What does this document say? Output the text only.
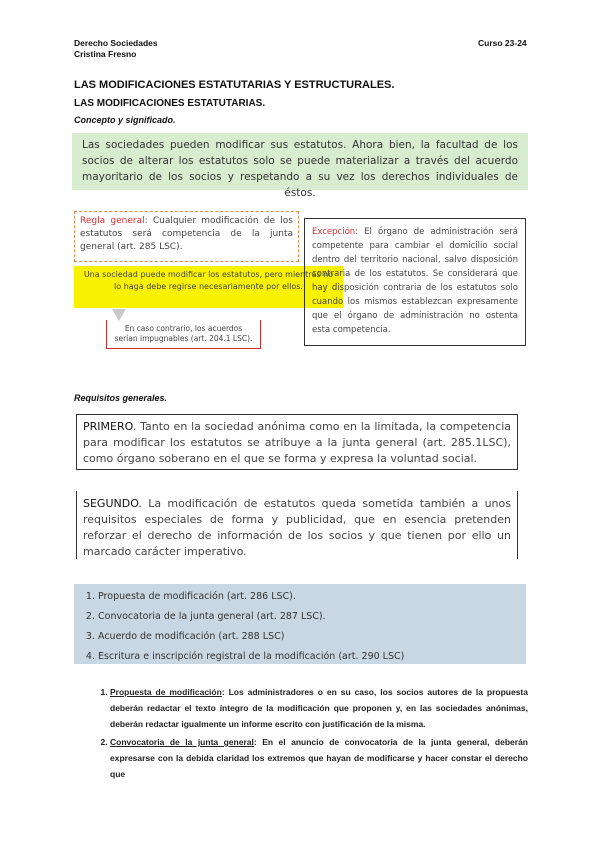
Derecho Sociedades
Cristina Fresno
Curso 23-24
LAS MODIFICACIONES ESTATUTARIAS Y ESTRUCTURALES.
LAS MODIFICACIONES ESTATUTARIAS.
Concepto y significado.
Las sociedades pueden modificar sus estatutos. Ahora bien, la facultad de los socios de alterar los estatutos solo se puede materializar a través del acuerdo mayoritario de los socios y respetando a su vez los derechos individuales de éstos.
Regla general: Cualquier modificación de los estatutos será competencia de la junta general (art. 285 LSC).
Una sociedad puede modificar los estatutos, pero mientras no lo haga debe regirse necesariamente por ellos.
En caso contrario, los acuerdos serían impugnables (art. 204.1 LSC).
Excepción: El órgano de administración será competente para cambiar el domicilio social dentro del territorio nacional, salvo disposición contraria de los estatutos. Se considerará que hay disposición contraria de los estatutos solo cuando los mismos establezcan expresamente que el órgano de administración no ostenta esta competencia.
Requisitos generales.
PRIMERO. Tanto en la sociedad anónima como en la limitada, la competencia para modificar los estatutos se atribuye a la junta general (art. 285.1LSC), como órgano soberano en el que se forma y expresa la voluntad social.
SEGUNDO. La modificación de estatutos queda sometida también a unos requisitos especiales de forma y publicidad, que en esencia pretenden reforzar el derecho de información de los socios y que tienen por ello un marcado carácter imperativo.
1. Propuesta de modificación (art. 286 LSC).
2. Convocatoria de la junta general (art. 287 LSC).
3. Acuerdo de modificación (art. 288 LSC)
4. Escritura e inscripción registral de la modificación (art. 290 LSC)
1. Propuesta de modificación: Los administradores o en su caso, los socios autores de la propuesta deberán redactar el texto íntegro de la modificación que proponen y, en las sociedades anónimas, deberán redactar igualmente un informe escrito con justificación de la misma.
2. Convocatoria de la junta general: En el anuncio de convocatoria de la junta general, deberán expresarse con la debida claridad los extremos que hayan de modificarse y hacer constar el derecho que
